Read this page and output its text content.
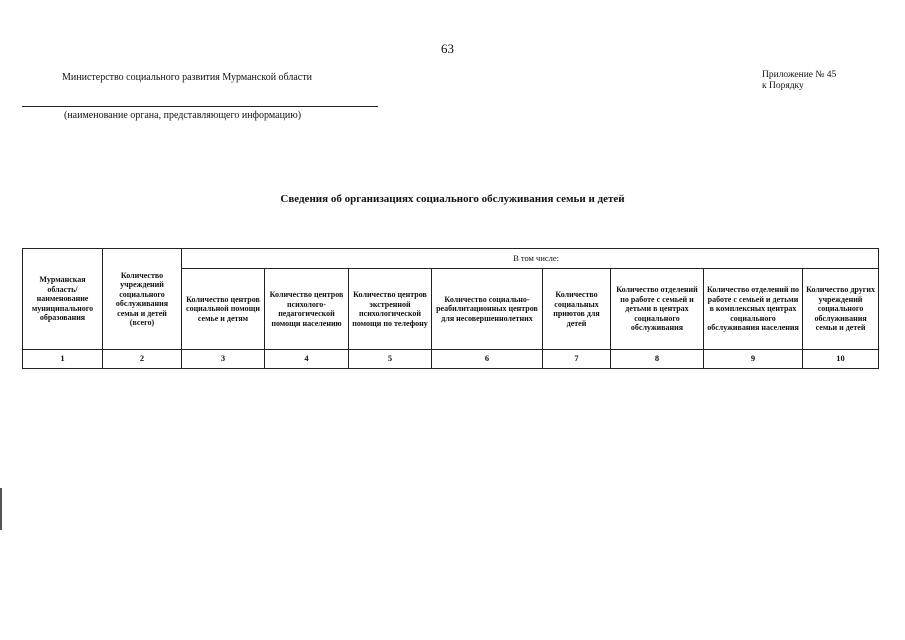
63
Министерство социального развития Мурманской области	Приложение № 45
к Порядку
(наименование органа, представляющего информацию)
Сведения об организациях социального обслуживания семьи и детей
Мурманская область/ наименование муниципального образования	Количество учреждений социального обслуживания семьи и детей (всего)	В том числе:							
		Количество центров социальной помощи семье и детям	Количество центров психолого-педагогической помощи населению	Количество центров экстренной психологической помощи по телефону	Количество социально-реабилитационных центров для несовершеннолетних	Количество социальных приютов для детей	Количество отделений по работе с семьей и детьми в центрах социального обслуживания	Количество отделений по работе с семьей и детьми в комплексных центрах социального обслуживания населения	Количество других учреждений социального обслуживания семьи и детей
1	2	3	4	5	6	7	8	9	10
